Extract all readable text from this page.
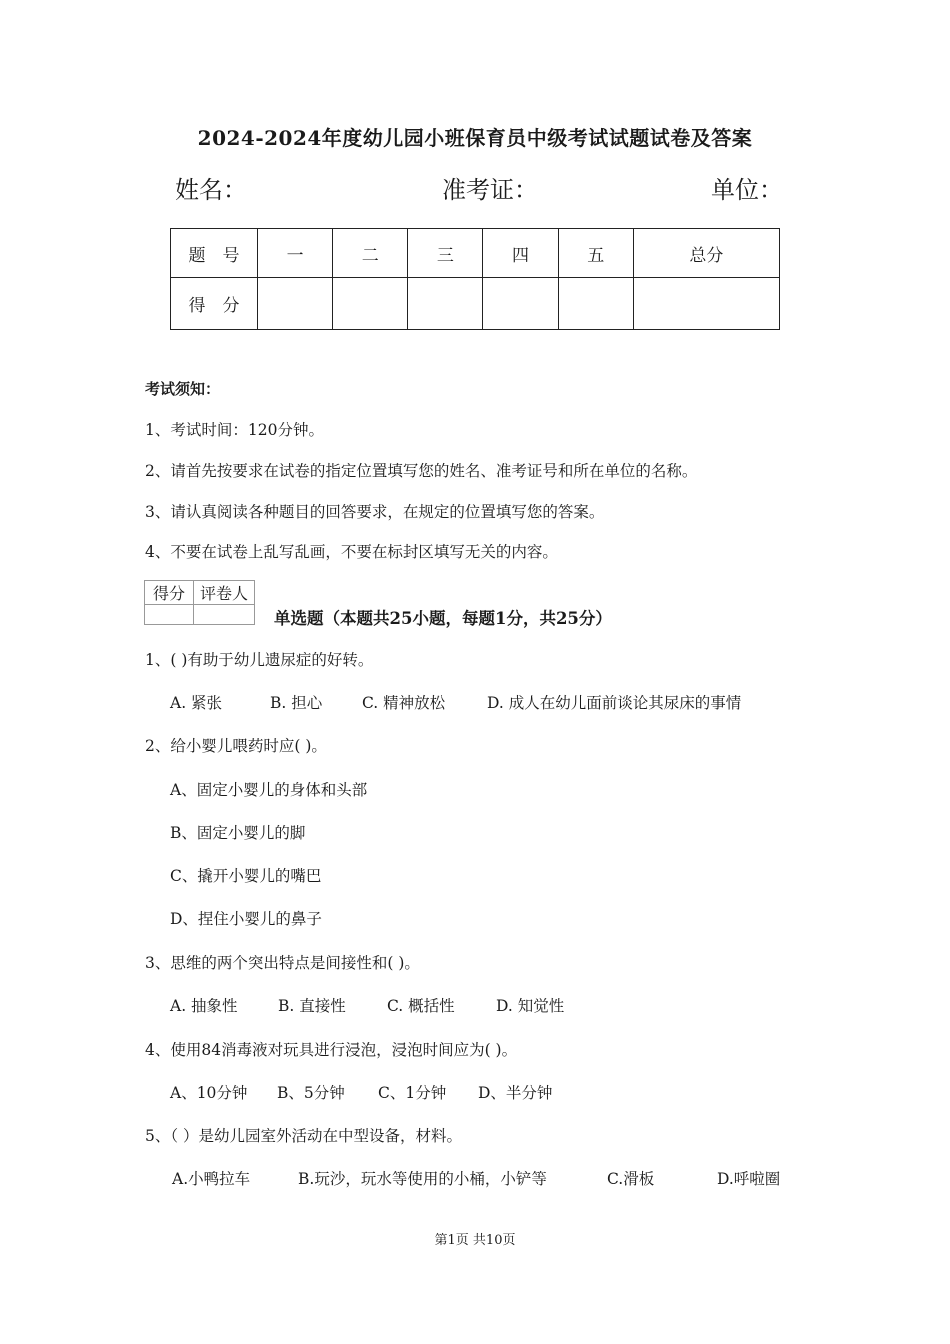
2024-2024年度幼儿园小班保育员中级考试试题试卷及答案
姓名：	准考证：	单位：
题　号	一	二	三	四	五	总分
得　分						
考试须知：
1、考试时间：120分钟。
2、请首先按要求在试卷的指定位置填写您的姓名、准考证号和所在单位的名称。
3、请认真阅读各种题目的回答要求，在规定的位置填写您的答案。
4、不要在试卷上乱写乱画，不要在标封区填写无关的内容。
得分	评卷人

单选题（本题共25小题，每题1分，共25分）
1、( )有助于幼儿遗尿症的好转。
A. 紧张	B. 担心	C. 精神放松	D. 成人在幼儿面前谈论其尿床的事情
2、给小婴儿喂药时应( )。
A、固定小婴儿的身体和头部
B、固定小婴儿的脚
C、撬开小婴儿的嘴巴
D、捏住小婴儿的鼻子
3、思维的两个突出特点是间接性和( )。
A. 抽象性	B. 直接性	C. 概括性	D. 知觉性
4、使用84消毒液对玩具进行浸泡，浸泡时间应为( )。
A、10分钟 B、5分钟 C、1分钟 D、半分钟
5、（ ）是幼儿园室外活动在中型设备，材料。
A.小鸭拉车	B.玩沙，玩水等使用的小桶，小铲等	C.滑板	D.呼啦圈
第1页 共10页
